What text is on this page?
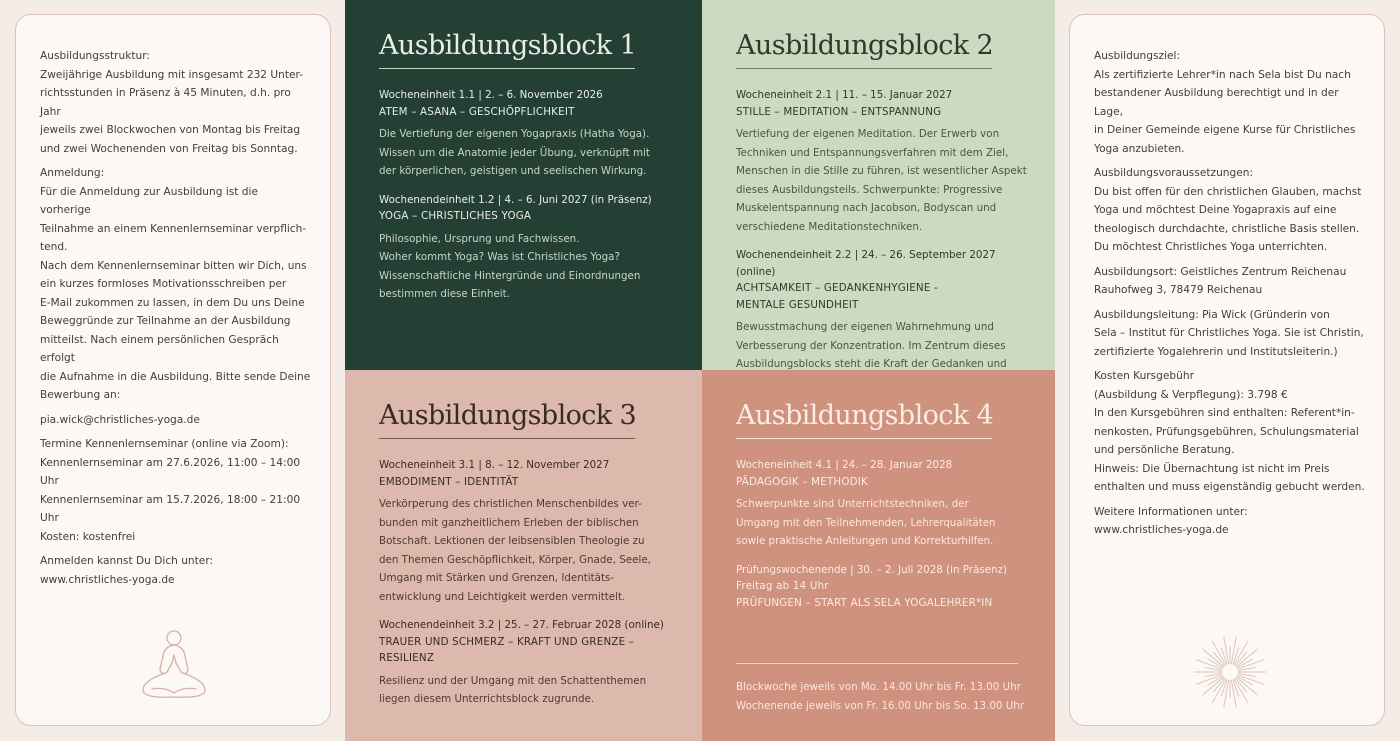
Ausbildungsstruktur:
Zweijährige Ausbildung mit insgesamt 232 Unter-
richtsstunden in Präsenz à 45 Minuten, d.h. pro Jahr
jeweils zwei Blockwochen von Montag bis Freitag
und zwei Wochenenden von Freitag bis Sonntag.
Anmeldung:
Für die Anmeldung zur Ausbildung ist die vorherige
Teilnahme an einem Kennenlernseminar verpflich-
tend.
Nach dem Kennenlernseminar bitten wir Dich, uns
ein kurzes formloses Motivationsschreiben per
E-Mail zukommen zu lassen, in dem Du uns Deine
Beweggründe zur Teilnahme an der Ausbildung
mitteilst. Nach einem persönlichen Gespräch erfolgt
die Aufnahme in die Ausbildung. Bitte sende Deine
Bewerbung an:
pia.wick@christliches-yoga.de
Termine Kennenlernseminar (online via Zoom):
Kennenlernseminar am 27.6.2026, 11:00 – 14:00 Uhr
Kennenlernseminar am 15.7.2026, 18:00 – 21:00 Uhr
Kosten: kostenfrei
Anmelden kannst Du Dich unter:
www.christliches-yoga.de
Ausbildungsziel:
Als zertifizierte Lehrer*in nach Sela bist Du nach
bestandener Ausbildung berechtigt und in der Lage,
in Deiner Gemeinde eigene Kurse für Christliches
Yoga anzubieten.
Ausbildungsvoraussetzungen:
Du bist offen für den christlichen Glauben, machst
Yoga und möchtest Deine Yogapraxis auf eine
theologisch durchdachte, christliche Basis stellen.
Du möchtest Christliches Yoga unterrichten.
Ausbildungsort: Geistliches Zentrum Reichenau
Rauhofweg 3, 78479 Reichenau
Ausbildungsleitung: Pia Wick (Gründerin von
Sela – Institut für Christliches Yoga. Sie ist Christin,
zertifizierte Yogalehrerin und Institutsleiterin.)
Kosten Kursgebühr
(Ausbildung & Verpflegung): 3.798 €
In den Kursgebühren sind enthalten: Referent*in-
nenkosten, Prüfungsgebühren, Schulungsmaterial
und persönliche Beratung.
Hinweis: Die Übernachtung ist nicht im Preis
enthalten und muss eigenständig gebucht werden.
Weitere Informationen unter:
www.christliches-yoga.de
Ausbildungsblock 1
Wocheneinheit 1.1 | 2. – 6. November 2026
ATEM – ASANA – GESCHÖPFLICHKEIT
Die Vertiefung der eigenen Yogapraxis (Hatha Yoga).
Wissen um die Anatomie jeder Übung, verknüpft mit
der körperlichen, geistigen und seelischen Wirkung.
Wochenendeinheit 1.2 | 4. – 6. Juni 2027 (in Präsenz)
YOGA – CHRISTLICHES YOGA
Philosophie, Ursprung und Fachwissen.
Woher kommt Yoga? Was ist Christliches Yoga?
Wissenschaftliche Hintergründe und Einordnungen
bestimmen diese Einheit.
Ausbildungsblock 2
Wocheneinheit 2.1 | 11. – 15. Januar 2027
STILLE – MEDITATION – ENTSPANNUNG
Vertiefung der eigenen Meditation. Der Erwerb von
Techniken und Entspannungsverfahren mit dem Ziel,
Menschen in die Stille zu führen, ist wesentlicher Aspekt
dieses Ausbildungsteils. Schwerpunkte: Progressive
Muskelentspannung nach Jacobson, Bodyscan und
verschiedene Meditationstechniken.
Wochenendeinheit 2.2 | 24. – 26. September 2027 (online)
ACHTSAMKEIT – GEDANKENHYGIENE -
MENTALE GESUNDHEIT
Bewusstmachung der eigenen Wahrnehmung und
Verbesserung der Konzentration. Im Zentrum dieses
Ausbildungsblocks steht die Kraft der Gedanken und
Ausbildungsblock 3
Wocheneinheit 3.1 | 8. – 12. November 2027
EMBODIMENT – IDENTITÄT
Verkörperung des christlichen Menschenbildes ver-
bunden mit ganzheitlichem Erleben der biblischen
Botschaft. Lektionen der leibsensiblen Theologie zu
den Themen Geschöpflichkeit, Körper, Gnade, Seele,
Umgang mit Stärken und Grenzen, Identitäts-
entwicklung und Leichtigkeit werden vermittelt.
Wochenendeinheit 3.2 | 25. – 27. Februar 2028 (online)
TRAUER UND SCHMERZ – KRAFT UND GRENZE –
RESILIENZ
Resilienz und der Umgang mit den Schattenthemen
liegen diesem Unterrichtsblock zugrunde.
Ausbildungsblock 4
Wocheneinheit 4.1 | 24. – 28. Januar 2028
PÄDAGOGIK – METHODIK
Schwerpunkte sind Unterrichtstechniken, der
Umgang mit den Teilnehmenden, Lehrerqualitäten
sowie praktische Anleitungen und Korrekturhilfen.
Prüfungswochenende | 30. – 2. Juli 2028 (in Präsenz)
Freitag ab 14 Uhr
PRÜFUNGEN – START ALS SELA YOGALEHRER*IN
Blockwoche jeweils von Mo. 14.00 Uhr bis Fr. 13.00 Uhr
Wochenende jeweils von Fr. 16.00 Uhr bis So. 13.00 Uhr
